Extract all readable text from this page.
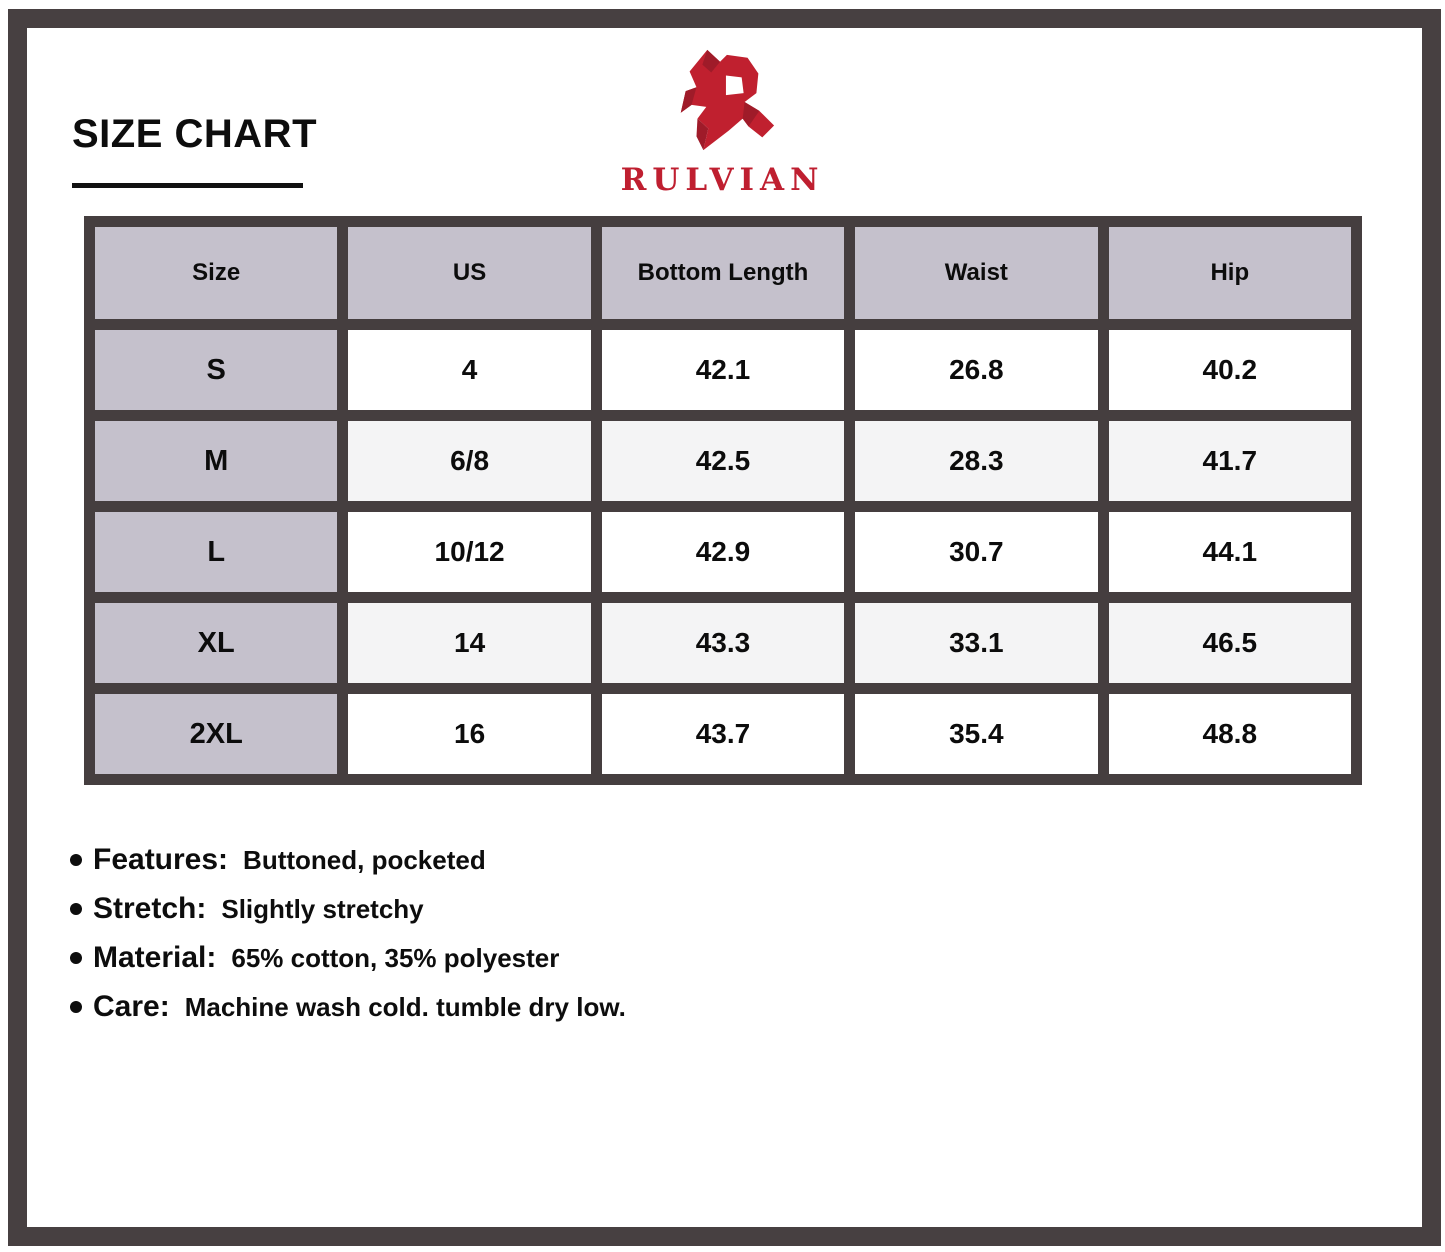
SIZE CHART
RULVIAN
Size	US	Bottom Length	Waist	Hip
S	4	42.1	26.8	40.2
M	6/8	42.5	28.3	41.7
L	10/12	42.9	30.7	44.1
XL	14	43.3	33.1	46.5
2XL	16	43.7	35.4	48.8
Features: Buttoned, pocketed
Stretch: Slightly stretchy
Material: 65% cotton, 35% polyester
Care: Machine wash cold. tumble dry low.
